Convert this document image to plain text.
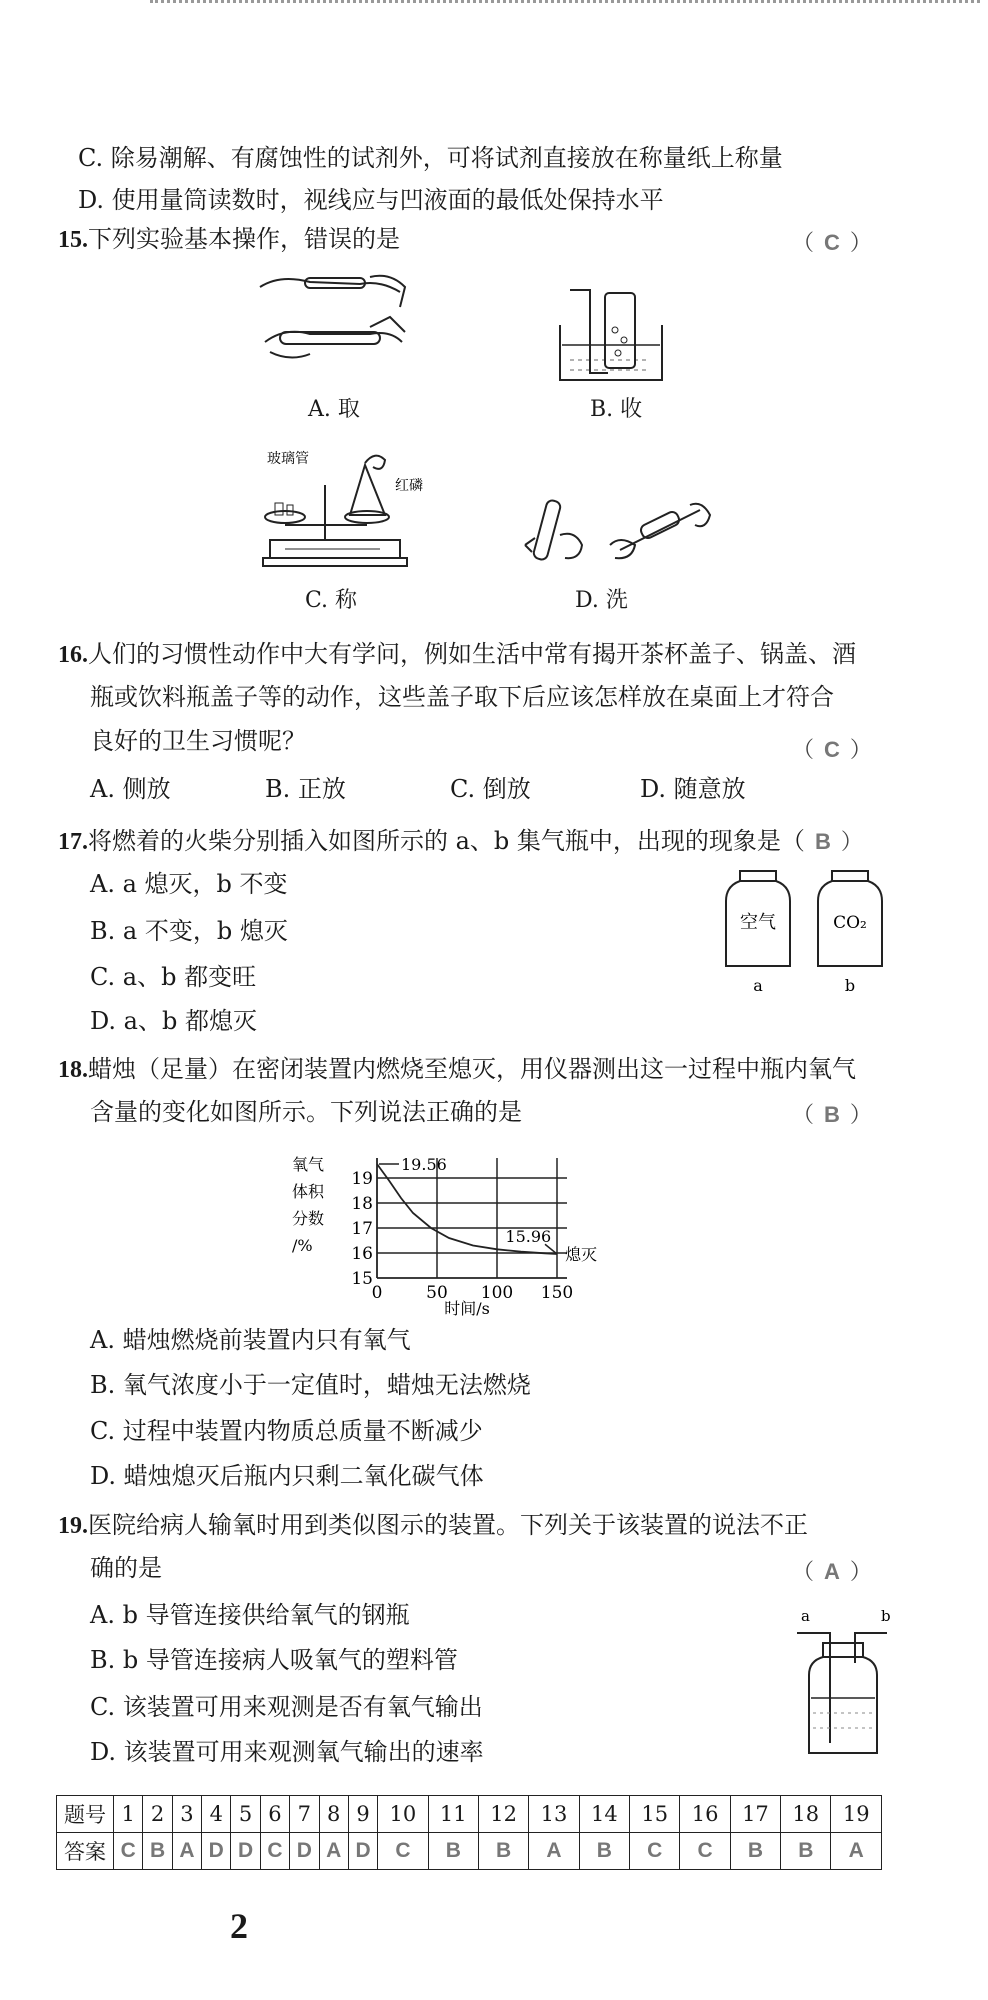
C. 除易潮解、有腐蚀性的试剂外，可将试剂直接放在称量纸上称量
D. 使用量筒读数时，视线应与凹液面的最低处保持水平
15.下列实验基本操作，错误的是	（ C ）
A. 取	B. 收
玻璃管
红磷
C. 称	D. 洗
16.人们的习惯性动作中大有学问，例如生活中常有揭开茶杯盖子、锅盖、酒
瓶或饮料瓶盖子等的动作，这些盖子取下后应该怎样放在桌面上才符合
良好的卫生习惯呢？	（ C ）
A. 侧放	B. 正放	C. 倒放	D. 随意放
17.将燃着的火柴分别插入如图所示的 a、b 集气瓶中，出现的现象是（ B ）
A. a 熄灭，b 不变
B. a 不变，b 熄灭
C. a、b 都变旺
D. a、b 都熄灭
空气
a
CO₂
b
18.蜡烛（足量）在密闭装置内燃烧至熄灭，用仪器测出这一过程中瓶内氧气
含量的变化如图所示。下列说法正确的是	（ B ）
氧气
体积
分数
/%
19
18
17
16
15
0	50 100 150
时间/s
19.56
15.96
熄灭
A. 蜡烛燃烧前装置内只有氧气
B. 氧气浓度小于一定值时，蜡烛无法燃烧
C. 过程中装置内物质总质量不断减少
D. 蜡烛熄灭后瓶内只剩二氧化碳气体
19.医院给病人输氧时用到类似图示的装置。下列关于该装置的说法不正
确的是	（ A ）
A. b 导管连接供给氧气的钢瓶
B. b 导管连接病人吸氧气的塑料管
C. 该装置可用来观测是否有氧气输出
D. 该装置可用来观测氧气输出的速率
a	b
题号	1	2	3	4	5	6	7	8	9	10	11	12	13	14	15	16	17	18	19
答案	C	B	A	D	D	C	D	A	D	C	B	B	A	B	C	C	B	B	A
2
